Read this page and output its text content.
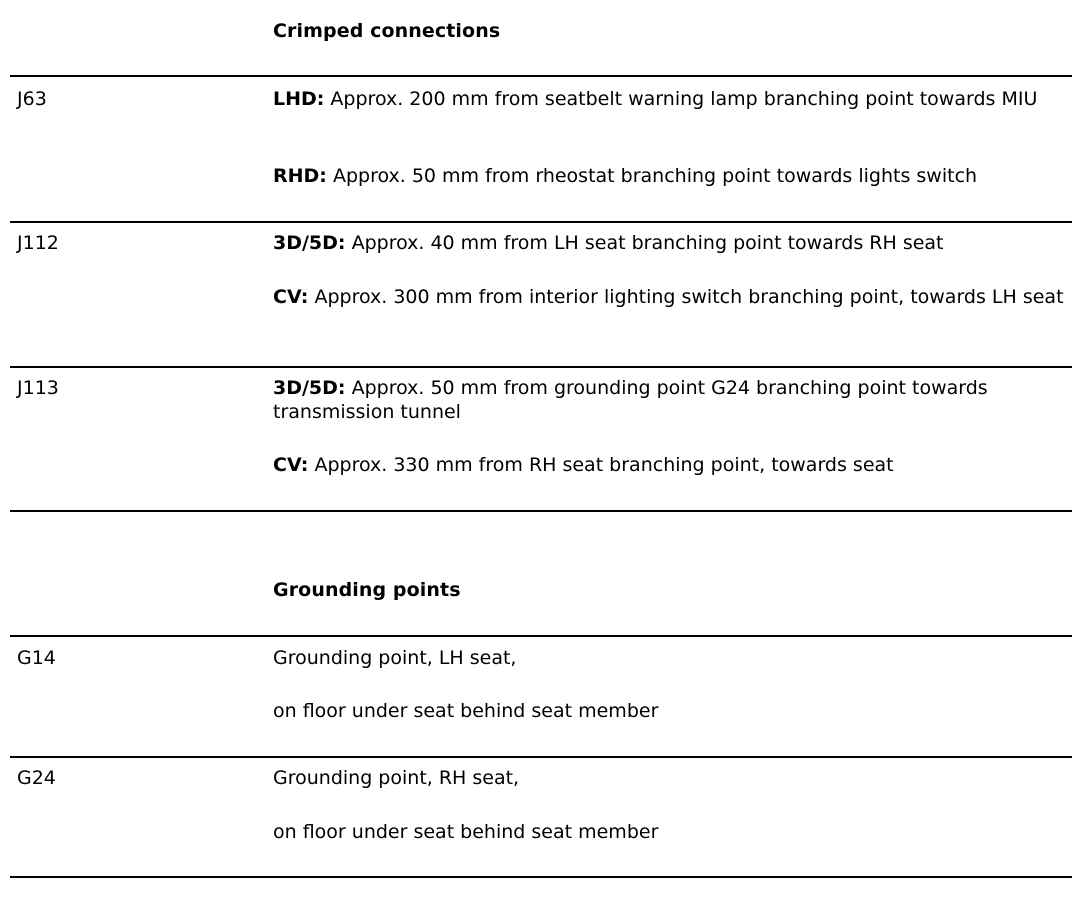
Crimped connections
J63	LHD: Approx. 200 mm from seatbelt warning lamp branching point towards MIU
RHD: Approx. 50 mm from rheostat branching point towards lights switch
J112	3D/5D: Approx. 40 mm from LH seat branching point towards RH seat
CV: Approx. 300 mm from interior lighting switch branching point, towards LH seat
J113	3D/5D: Approx. 50 mm from grounding point G24 branching point towards transmission tunnel
CV: Approx. 330 mm from RH seat branching point, towards seat
Grounding points
G14	Grounding point, LH seat,
on floor under seat behind seat member
G24	Grounding point, RH seat,
on floor under seat behind seat member
